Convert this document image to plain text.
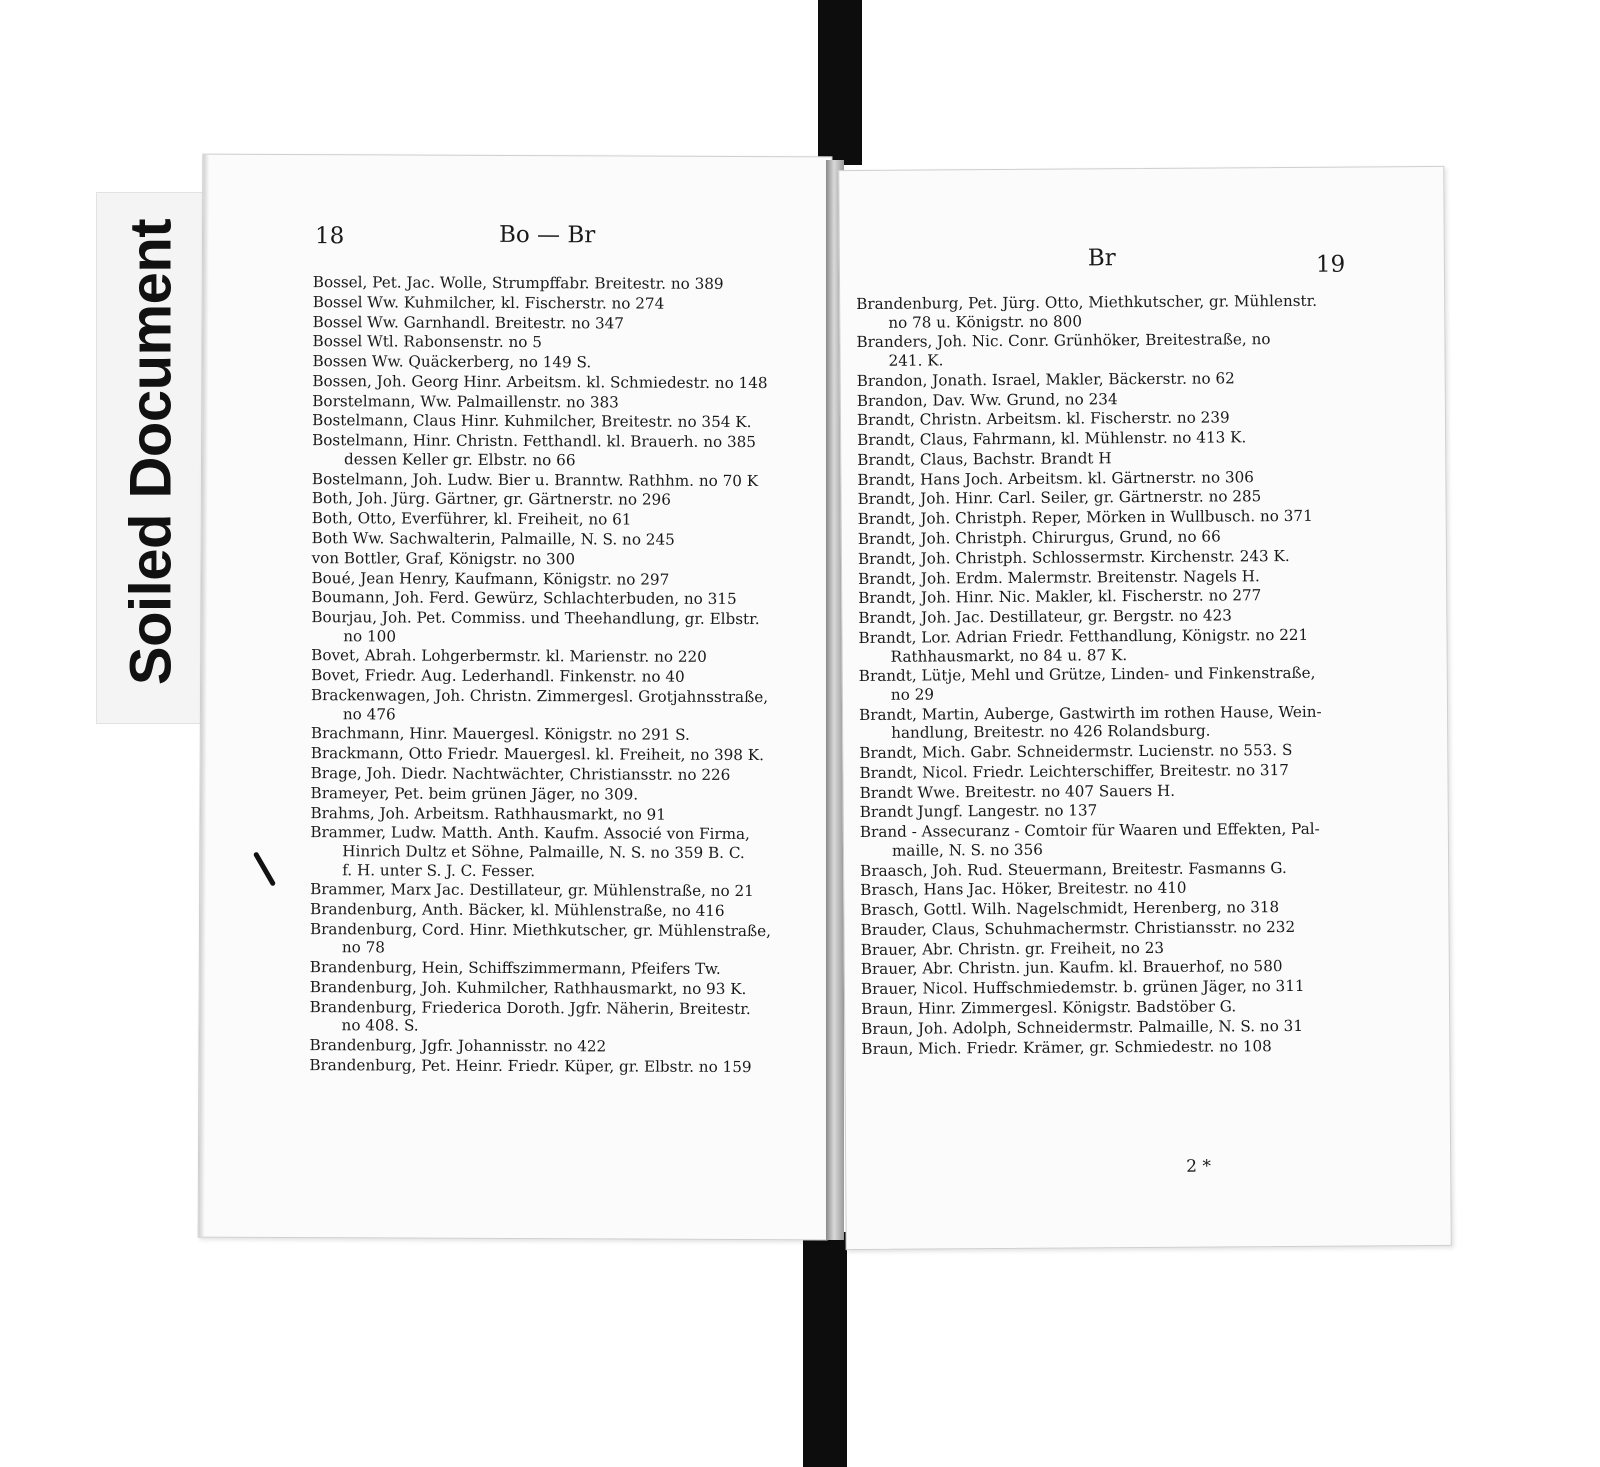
Soiled Document	18	Bo — Br
Bossel, Pet. Jac. Wolle, Strumpffabr. Breitestr. no 389
Bossel Ww. Kuhmilcher, kl. Fischerstr. no 274
Bossel Ww. Garnhandl. Breitestr. no 347
Bossel Wtl. Rabonsenstr. no 5
Bossen Ww. Quäckerberg, no 149 S.
Bossen, Joh. Georg Hinr. Arbeitsm. kl. Schmiedestr. no 148
Borstelmann, Ww. Palmaillenstr. no 383
Bostelmann, Claus Hinr. Kuhmilcher, Breitestr. no 354 K.
Bostelmann, Hinr. Christn. Fetthandl. kl. Brauerh. no 385

dessen Keller gr. Elbstr. no 66
Bostelmann, Joh. Ludw. Bier u. Branntw. Rathhm. no 70 K
Both, Joh. Jürg. Gärtner, gr. Gärtnerstr. no 296
Both, Otto, Everführer, kl. Freiheit, no 61
Both Ww. Sachwalterin, Palmaille, N. S. no 245
von Bottler, Graf, Königstr. no 300
Boué, Jean Henry, Kaufmann, Königstr. no 297
Boumann, Joh. Ferd. Gewürz, Schlachterbuden, no 315
Bourjau, Joh. Pet. Commiss. und Theehandlung, gr. Elbstr.

no 100
Bovet, Abrah. Lohgerbermstr. kl. Marienstr. no 220
Bovet, Friedr. Aug. Lederhandl. Finkenstr. no 40
Brackenwagen, Joh. Christn. Zimmergesl. Grotjahnsstraße,

no 476
Brachmann, Hinr. Mauergesl. Königstr. no 291 S.
Brackmann, Otto Friedr. Mauergesl. kl. Freiheit, no 398 K.
Brage, Joh. Diedr. Nachtwächter, Christiansstr. no 226
Brameyer, Pet. beim grünen Jäger, no 309.
Brahms, Joh. Arbeitsm. Rathhausmarkt, no 91
Brammer, Ludw. Matth. Anth. Kaufm. Associé von Firma,

Hinrich Dultz et Söhne, Palmaille, N. S. no 359 B. C.
f. H. unter S. J. C. Fesser.
Brammer, Marx Jac. Destillateur, gr. Mühlenstraße, no 21
Brandenburg, Anth. Bäcker, kl. Mühlenstraße, no 416
Brandenburg, Cord. Hinr. Miethkutscher, gr. Mühlenstraße,

no 78
Brandenburg, Hein, Schiffszimmermann, Pfeifers Tw.
Brandenburg, Joh. Kuhmilcher, Rathhausmarkt, no 93 K.
Brandenburg, Friederica Doroth. Jgfr. Näherin, Breitestr.

no 408. S.
Brandenburg, Jgfr. Johannisstr. no 422
Brandenburg, Pet. Heinr. Friedr. Küper, gr. Elbstr. no 159
Br	19
Brandenburg, Pet. Jürg. Otto, Miethkutscher, gr. Mühlenstr.

no 78 u. Königstr. no 800
Branders, Joh. Nic. Conr. Grünhöker, Breitestraße, no

241. K.
Brandon, Jonath. Israel, Makler, Bäckerstr. no 62
Brandon, Dav. Ww. Grund, no 234
Brandt, Christn. Arbeitsm. kl. Fischerstr. no 239
Brandt, Claus, Fahrmann, kl. Mühlenstr. no 413 K.
Brandt, Claus, Bachstr. Brandt H
Brandt, Hans Joch. Arbeitsm. kl. Gärtnerstr. no 306
Brandt, Joh. Hinr. Carl. Seiler, gr. Gärtnerstr. no 285
Brandt, Joh. Christph. Reper, Mörken in Wullbusch. no 371
Brandt, Joh. Christph. Chirurgus, Grund, no 66
Brandt, Joh. Christph. Schlossermstr. Kirchenstr. 243 K.
Brandt, Joh. Erdm. Malermstr. Breitenstr. Nagels H.
Brandt, Joh. Hinr. Nic. Makler, kl. Fischerstr. no 277
Brandt, Joh. Jac. Destillateur, gr. Bergstr. no 423
Brandt, Lor. Adrian Friedr. Fetthandlung, Königstr. no 221

Rathhausmarkt, no 84 u. 87 K.
Brandt, Lütje, Mehl und Grütze, Linden- und Finkenstraße,

no 29
Brandt, Martin, Auberge, Gastwirth im rothen Hause, Wein-

handlung, Breitestr. no 426 Rolandsburg.
Brandt, Mich. Gabr. Schneidermstr. Lucienstr. no 553. S
Brandt, Nicol. Friedr. Leichterschiffer, Breitestr. no 317
Brandt Wwe. Breitestr. no 407 Sauers H.
Brandt Jungf. Langestr. no 137
Brand - Assecuranz - Comtoir für Waaren und Effekten, Pal-

maille, N. S. no 356
Braasch, Joh. Rud. Steuermann, Breitestr. Fasmanns G.
Brasch, Hans Jac. Höker, Breitestr. no 410
Brasch, Gottl. Wilh. Nagelschmidt, Herenberg, no 318
Brauder, Claus, Schuhmachermstr. Christiansstr. no 232
Brauer, Abr. Christn. gr. Freiheit, no 23
Brauer, Abr. Christn. jun. Kaufm. kl. Brauerhof, no 580
Brauer, Nicol. Huffschmiedemstr. b. grünen Jäger, no 311
Braun, Hinr. Zimmergesl. Königstr. Badstöber G.
Braun, Joh. Adolph, Schneidermstr. Palmaille, N. S. no 31
Braun, Mich. Friedr. Krämer, gr. Schmiedestr. no 108
2 *
